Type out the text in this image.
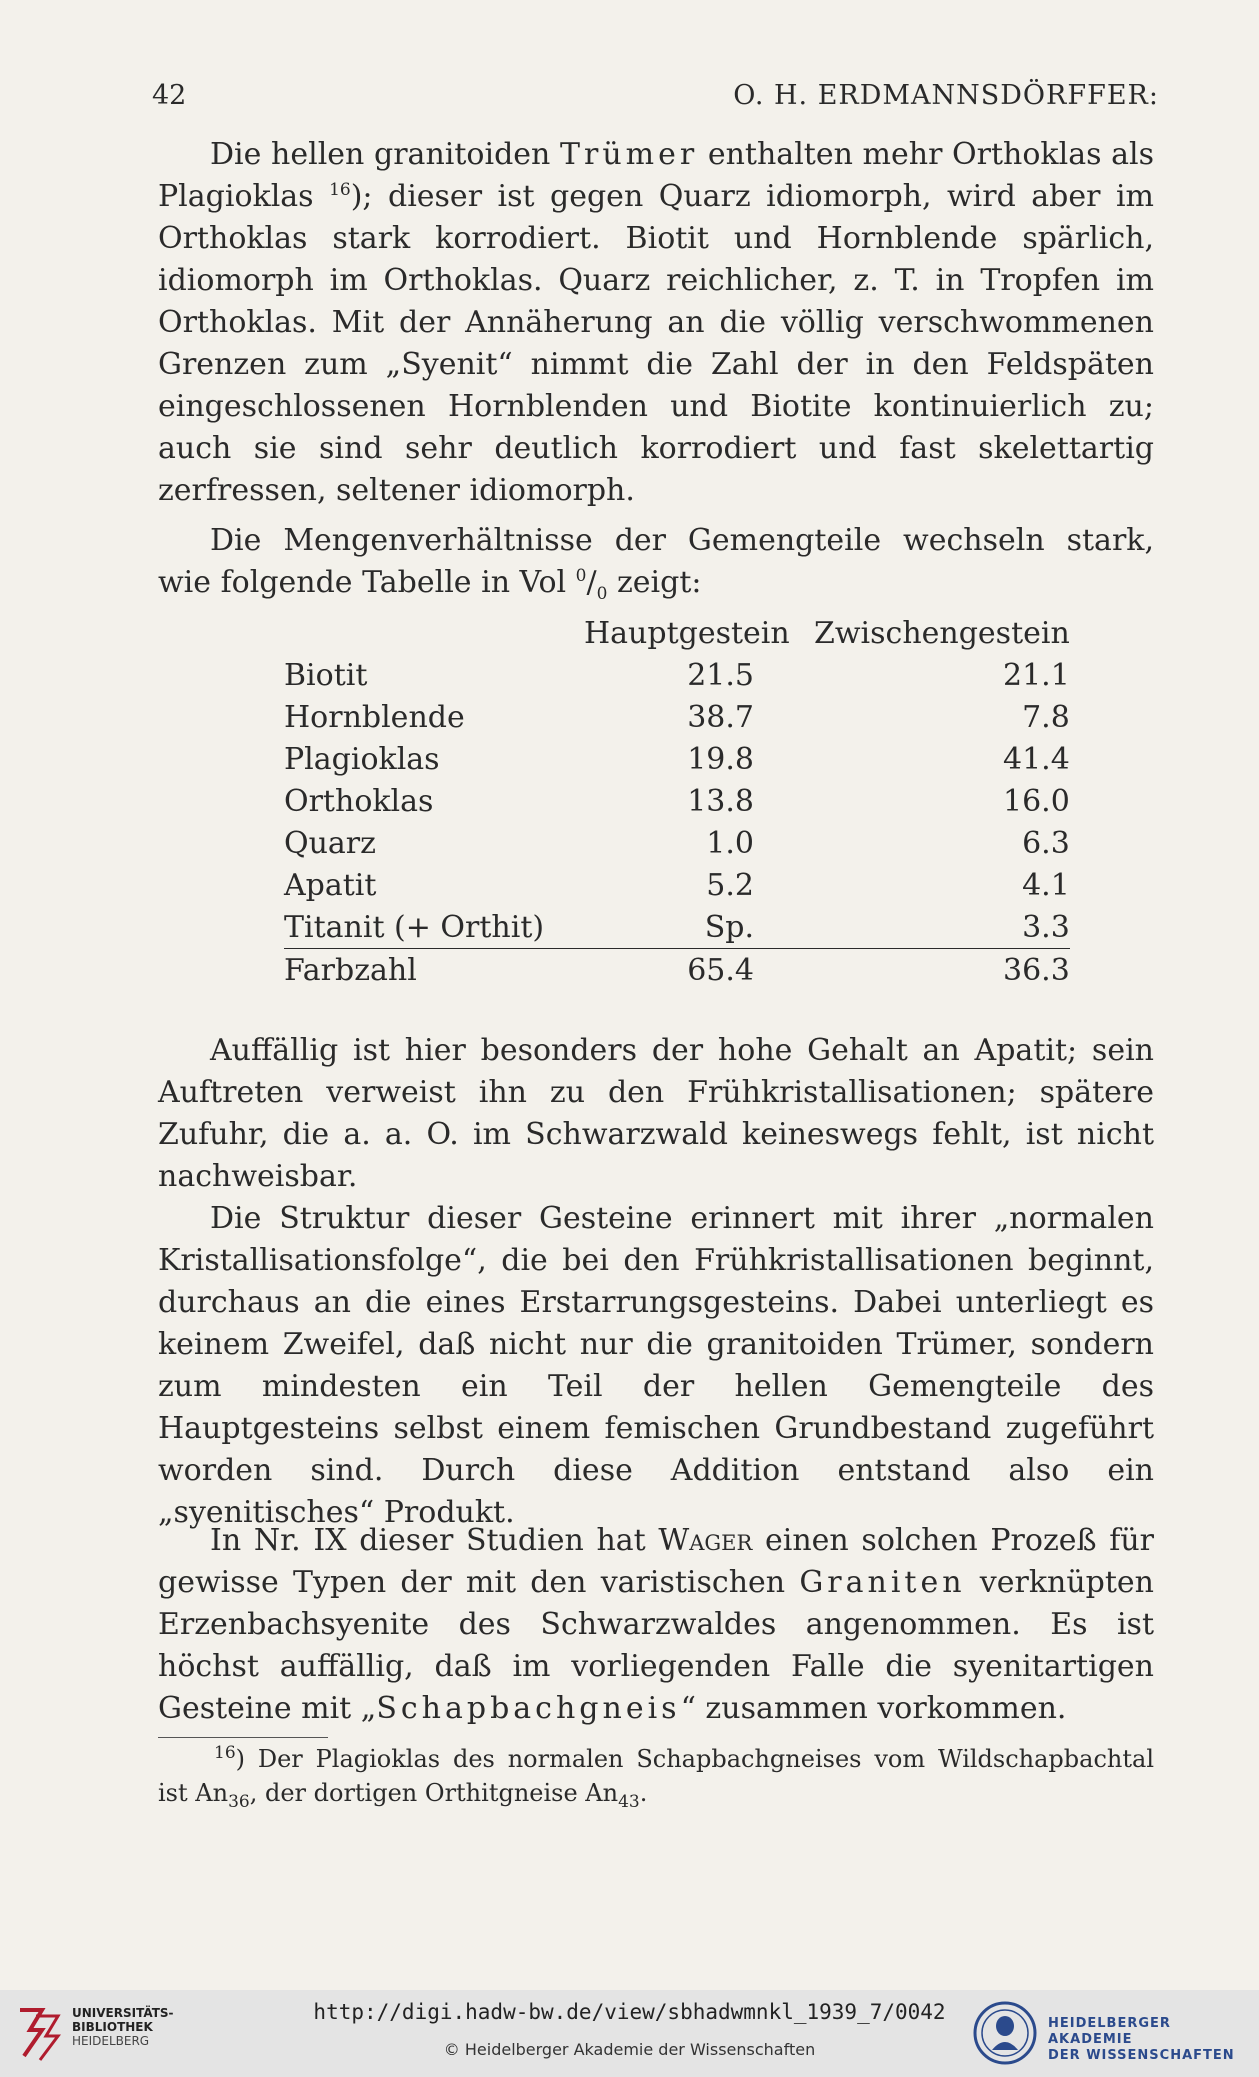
42	O. H. ERDMANNSDÖRFFER:

Die hellen granitoiden Trümer enthalten mehr Orthoklas als Plagioklas $^{16}$); dieser ist gegen Quarz idiomorph, wird aber im Orthoklas stark korrodiert. Biotit und Hornblende spärlich, idiomorph im Orthoklas. Quarz reichlicher, z. T. in Tropfen im Orthoklas. Mit der Annäherung an die völlig verschwommenen Grenzen zum „Syenit“ nimmt die Zahl der in den Feldspäten eingeschlossenen Hornblenden und Biotite kontinuierlich zu; auch sie sind sehr deutlich korrodiert und fast skelettartig zerfressen, seltener idiomorph.

Die Mengenverhältnisse der Gemengteile wechseln stark, wie folgende Tabelle in Vol $^0/_0$ zeigt:

	Hauptgestein	Zwischengestein
Biotit	21.5	21.1
Hornblende	38.7	7.8
Plagioklas	19.8	41.4
Orthoklas	13.8	16.0
Quarz	1.0	6.3
Apatit	5.2	4.1
Titanit (+ Orthit)	Sp.	3.3
Farbzahl	65.4	36.3

Auffällig ist hier besonders der hohe Gehalt an Apatit; sein Auftreten verweist ihn zu den Frühkristallisationen; spätere Zufuhr, die a. a. O. im Schwarzwald keineswegs fehlt, ist nicht nachweisbar.

Die Struktur dieser Gesteine erinnert mit ihrer „normalen Kristallisationsfolge“, die bei den Frühkristallisationen beginnt, durchaus an die eines Erstarrungsgesteins. Dabei unterliegt es keinem Zweifel, daß nicht nur die granitoiden Trümer, sondern zum mindesten ein Teil der hellen Gemengteile des Hauptgesteins selbst einem femischen Grundbestand zugeführt worden sind. Durch diese Addition entstand also ein „syenitisches“ Produkt.

In Nr. IX dieser Studien hat Wager einen solchen Prozeß für gewisse Typen der mit den varistischen Graniten verknüpten Erzenbachsyenite des Schwarzwaldes angenommen. Es ist höchst auffällig, daß im vorliegenden Falle die syenitartigen Gesteine mit „Schapbachgneis“ zusammen vorkommen.

$^{16}$) Der Plagioklas des normalen Schapbachgneises vom Wildschapbachtal ist $An_{36}$, der dortigen Orthitgneise $An_{43}$.

UNIVERSITÄTS-
BIBLIOTHEK
HEIDELBERG
http://digi.hadw-bw.de/view/sbhadwmnkl_1939_7/0042
© Heidelberger Akademie der Wissenschaften
HEIDELBERGER AKADEMIE
DER WISSENSCHAFTEN
